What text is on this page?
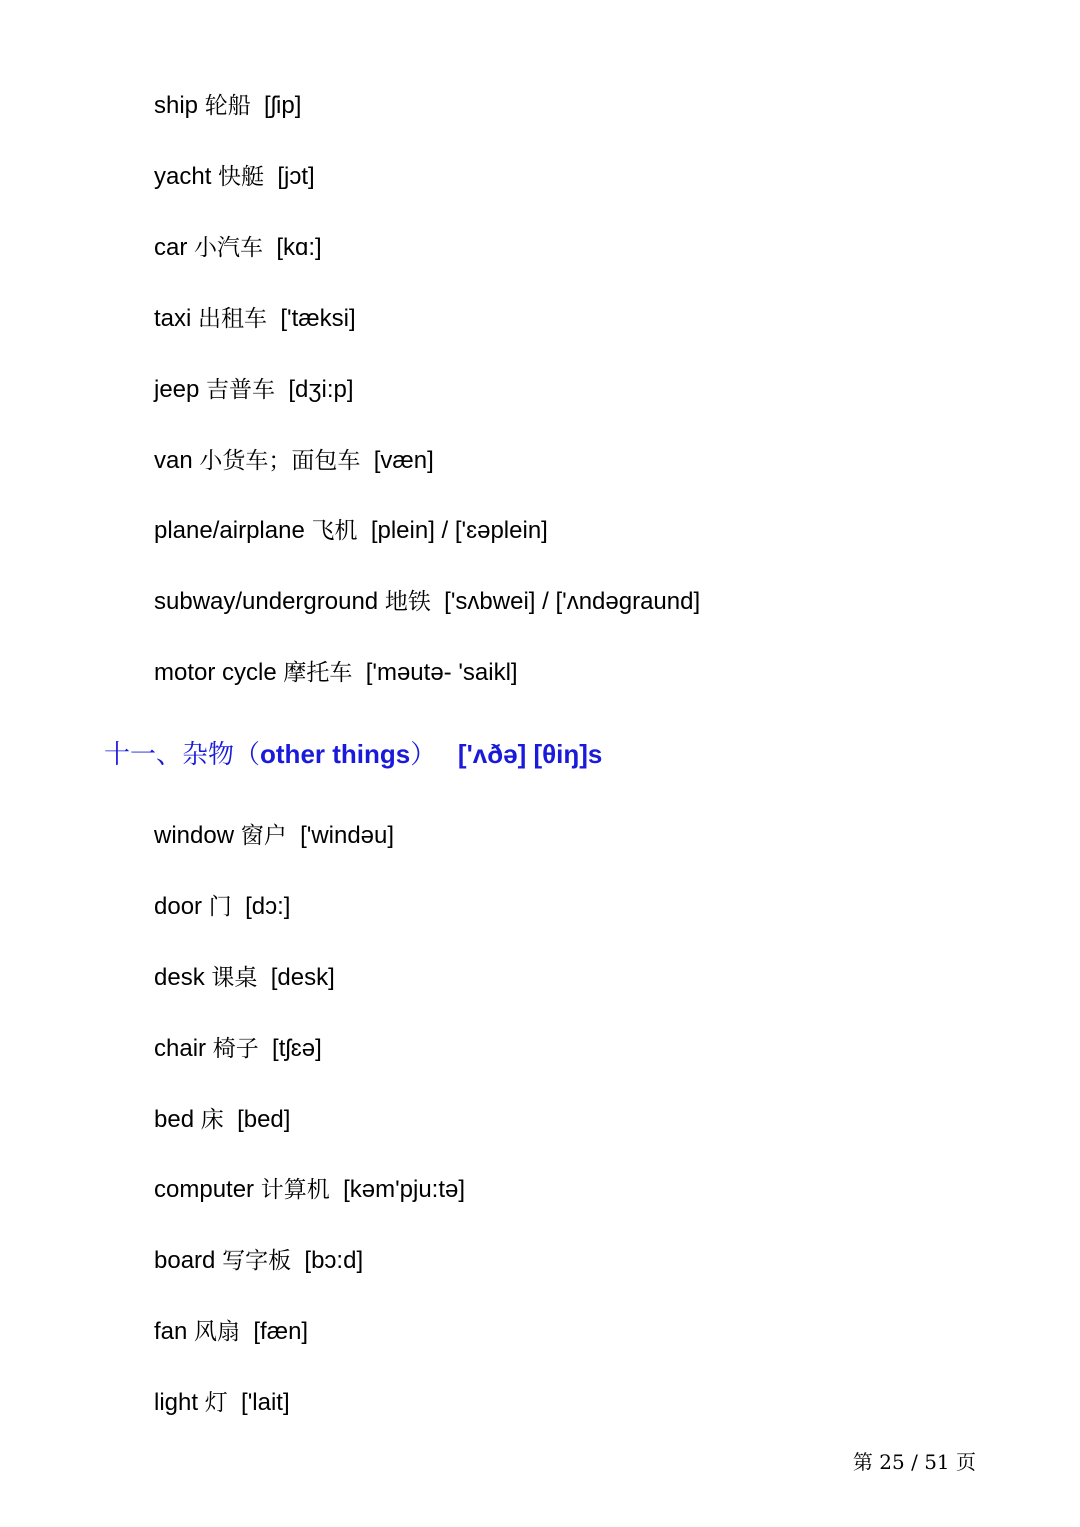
ship 轮船 [ʃip]
yacht 快艇 [jɔt]
car 小汽车 [kɑ:]
taxi 出租车 ['tæksi]
jeep 吉普车 [dʒi:p]
van 小货车；面包车 [væn]
plane/airplane 飞机 [plein] / ['ɛəplein]
subway/underground 地铁 ['sʌbwei] / ['ʌndəɡraund]
motor cycle 摩托车 ['məutə- 'saikl]
十一、杂物（other things） ['ʌðə] [θiŋ]s
window 窗户 ['windəu]
door 门 [dɔ:]
desk 课桌 [desk]
chair 椅子 [tʃɛə]
bed 床 [bed]
computer 计算机 [kəm'pju:tə]
board 写字板 [bɔ:d]
fan 风扇 [fæn]
light 灯 ['lait]
第 25 / 51 页
